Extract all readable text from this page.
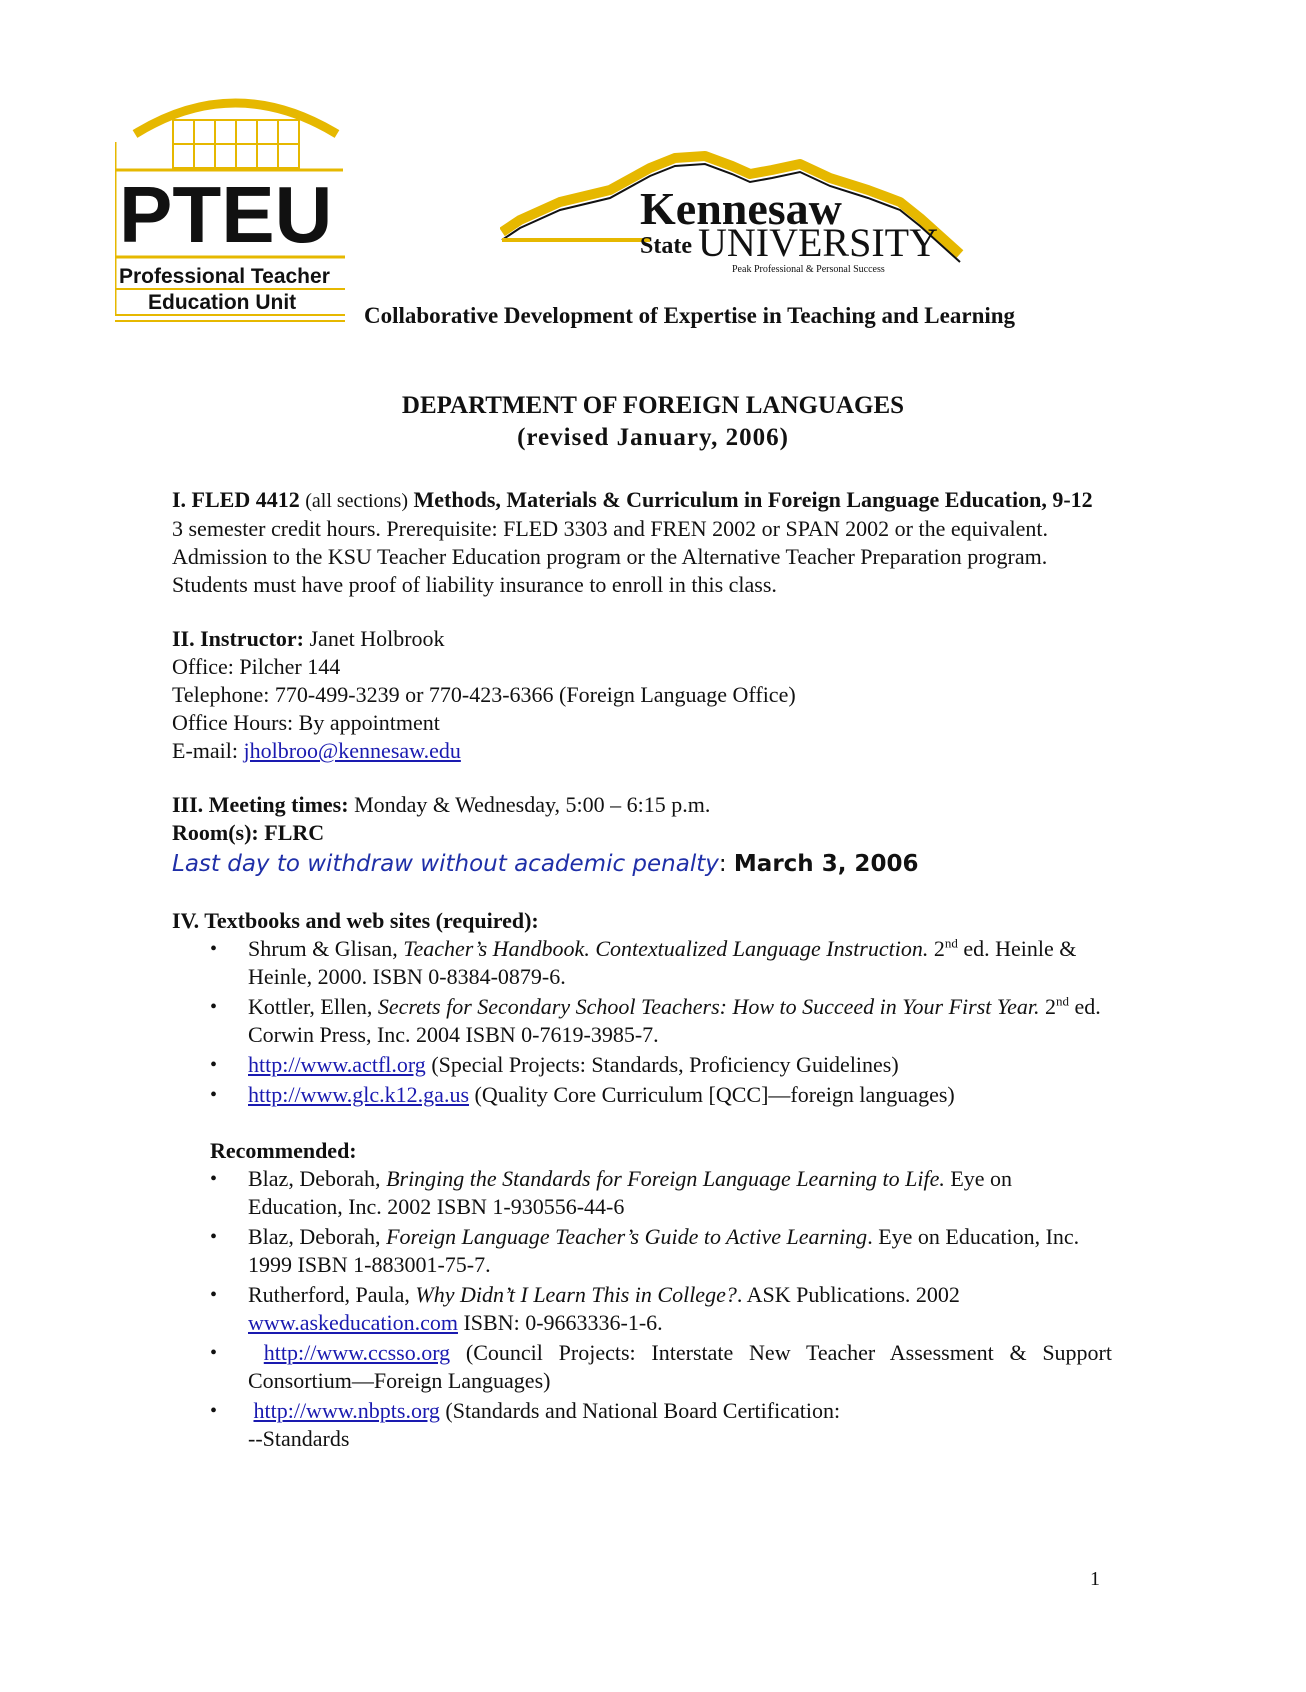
PTEU
Professional Teacher
Education Unit
Kennesaw
State UNIVERSITY
Peak Professional & Personal Success
Collaborative Development of Expertise in Teaching and Learning
DEPARTMENT OF FOREIGN LANGUAGES
(revised January, 2006)

I. FLED 4412 (all sections) Methods, Materials & Curriculum in Foreign Language Education, 9-12

3 semester credit hours. Prerequisite: FLED 3303 and FREN 2002 or SPAN 2002 or the equivalent. Admission to the KSU Teacher Education program or the Alternative Teacher Preparation program. Students must have proof of liability insurance to enroll in this class.

II. Instructor: Janet Holbrook

Office: Pilcher 144

Telephone: 770-499-3239 or 770-423-6366 (Foreign Language Office)

Office Hours: By appointment

E-mail: jholbroo@kennesaw.edu

III. Meeting times: Monday & Wednesday, 5:00 – 6:15 p.m.

Room(s): FLRC

Last day to withdraw without academic penalty: March 3, 2006

IV. Textbooks and web sites (required):

• Shrum & Glisan, Teacher’s Handbook. Contextualized Language Instruction. 2nd ed. Heinle & Heinle, 2000. ISBN 0-8384-0879-6.
• Kottler, Ellen, Secrets for Secondary School Teachers: How to Succeed in Your First Year. 2nd ed. Corwin Press, Inc. 2004 ISBN 0-7619-3985-7.
• http://www.actfl.org (Special Projects: Standards, Proficiency Guidelines)
• http://www.glc.k12.ga.us (Quality Core Curriculum [QCC]—foreign languages)

Recommended:

• Blaz, Deborah, Bringing the Standards for Foreign Language Learning to Life. Eye on Education, Inc. 2002 ISBN 1-930556-44-6
• Blaz, Deborah, Foreign Language Teacher’s Guide to Active Learning. Eye on Education, Inc. 1999 ISBN 1-883001-75-7.
• Rutherford, Paula, Why Didn’t I Learn This in College?. ASK Publications. 2002 www.askeducation.com ISBN: 0-9663336-1-6.
• http://www.ccsso.org (Council Projects: Interstate New Teacher Assessment & Support Consortium—Foreign Languages)
• http://www.nbpts.org (Standards and National Board Certification:
--Standards
1
